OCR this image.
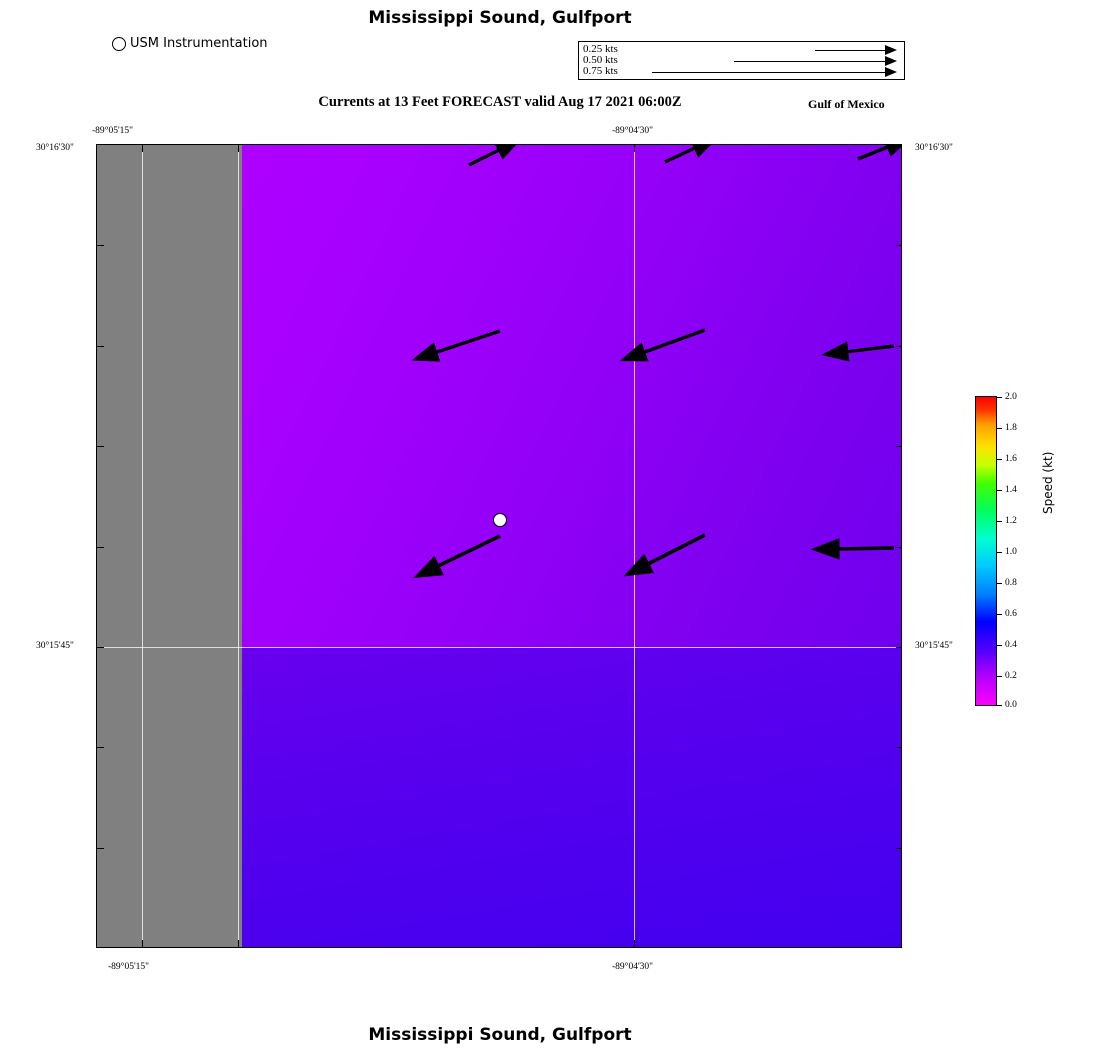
Mississippi Sound, Gulfport
USM Instrumentation	0.25 kts
0.50 kts
0.75 kts
Currents at 13 Feet FORECAST valid Aug 17 2021 06:00Z	Gulf of Mexico
-89°05'15"	-89°04'30"
-89°05'15"	-89°04'30"
30°16'30"
30°15'45"
30°16'30"
30°15'45"
2.0
1.8
1.6
1.4
1.2
1.0
0.8
0.6
0.4
0.2
0.0
Speed (kt)
Mississippi Sound, Gulfport
